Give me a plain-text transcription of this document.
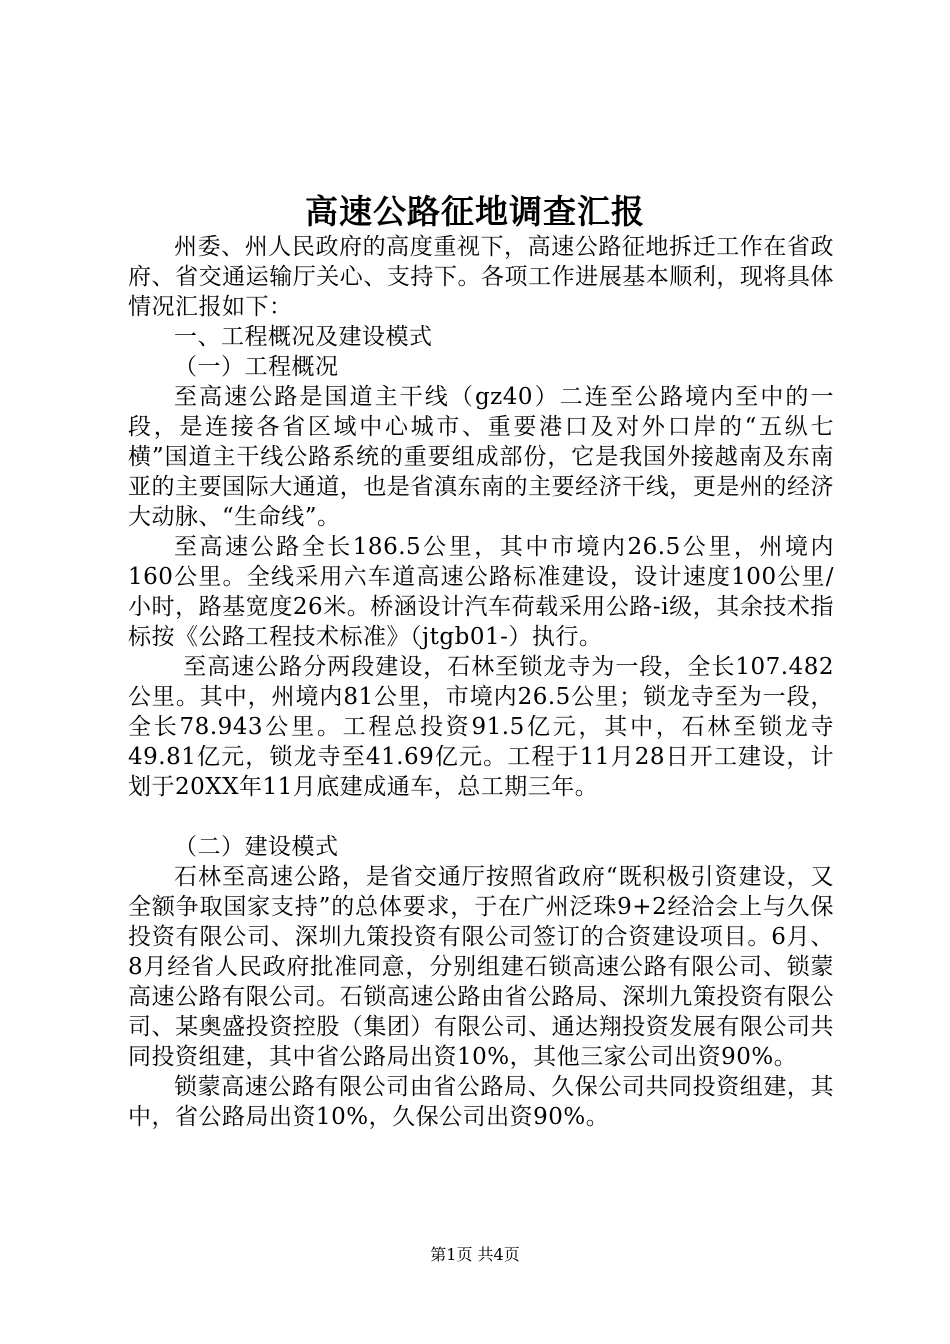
高速公路征地调查汇报

州委、州人民政府的高度重视下，高速公路征地拆迁工作在省政府、省交通运输厅关心、支持下。各项工作进展基本顺利，现将具体情况汇报如下：

一、工程概况及建设模式

（一）工程概况

至高速公路是国道主干线（gz40）二连至公路境内至中的一段，是连接各省区域中心城市、重要港口及对外口岸的“五纵七横”国道主干线公路系统的重要组成部份，它是我国外接越南及东南亚的主要国际大通道，也是省滇东南的主要经济干线，更是州的经济大动脉、“生命线”。

至高速公路全长186.5公里，其中市境内26.5公里，州境内160公里。全线采用六车道高速公路标准建设，设计速度100公里/小时，路基宽度26米。桥涵设计汽车荷载采用公路-ⅰ级，其余技术指标按《公路工程技术标准》（jtgb01-）执行。

至高速公路分两段建设，石林至锁龙寺为一段，全长107.482公里。其中，州境内81公里，市境内26.5公里；锁龙寺至为一段，全长78.943公里。工程总投资91.5亿元，其中，石林至锁龙寺49.81亿元，锁龙寺至41.69亿元。工程于11月28日开工建设，计划于20XX年11月底建成通车，总工期三年。

（二）建设模式

石林至高速公路，是省交通厅按照省政府“既积极引资建设，又全额争取国家支持”的总体要求，于在广州泛珠9+2经洽会上与久保投资有限公司、深圳九策投资有限公司签订的合资建设项目。6月、8月经省人民政府批准同意，分别组建石锁高速公路有限公司、锁蒙高速公路有限公司。石锁高速公路由省公路局、深圳九策投资有限公司、某奥盛投资控股（集团）有限公司、通达翔投资发展有限公司共同投资组建，其中省公路局出资10%，其他三家公司出资90%。

锁蒙高速公路有限公司由省公路局、久保公司共同投资组建，其中，省公路局出资10%，久保公司出资90%。

第1页 共4页
